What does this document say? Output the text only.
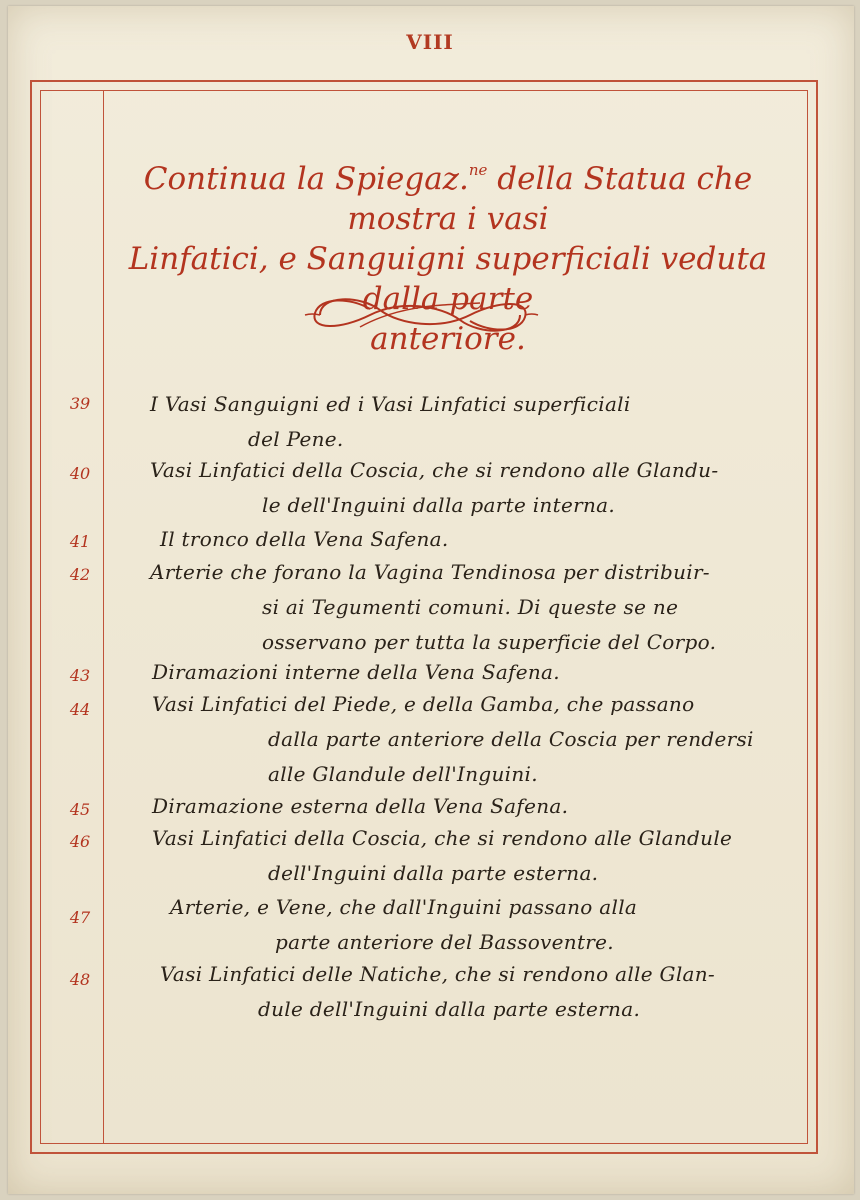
VIII
Continua la Spiegaz.$^{ne}$ della Statua che mostra i vasi
Linfatici, e Sanguigni superficiali veduta dalla parte
anteriore.
39	I Vasi Sanguigni ed i Vasi Linfatici superficiali
del Pene.
40	Vasi Linfatici della Coscia, che si rendono alle Glandu-
le dell'Inguini dalla parte interna.
41	Il tronco della Vena Safena.
42	Arterie che forano la Vagina Tendinosa per distribuir-
si ai Tegumenti comuni. Di queste se ne
osservano per tutta la superficie del Corpo.
43	Diramazioni interne della Vena Safena.
44	Vasi Linfatici del Piede, e della Gamba, che passano
dalla parte anteriore della Coscia per rendersi
alle Glandule dell'Inguini.
45	Diramazione esterna della Vena Safena.
46	Vasi Linfatici della Coscia, che si rendono alle Glandule
dell'Inguini dalla parte esterna.
47	Arterie, e Vene, che dall'Inguini passano alla
parte anteriore del Bassoventre.
48	Vasi Linfatici delle Natiche, che si rendono alle Glan-
dule dell'Inguini dalla parte esterna.
